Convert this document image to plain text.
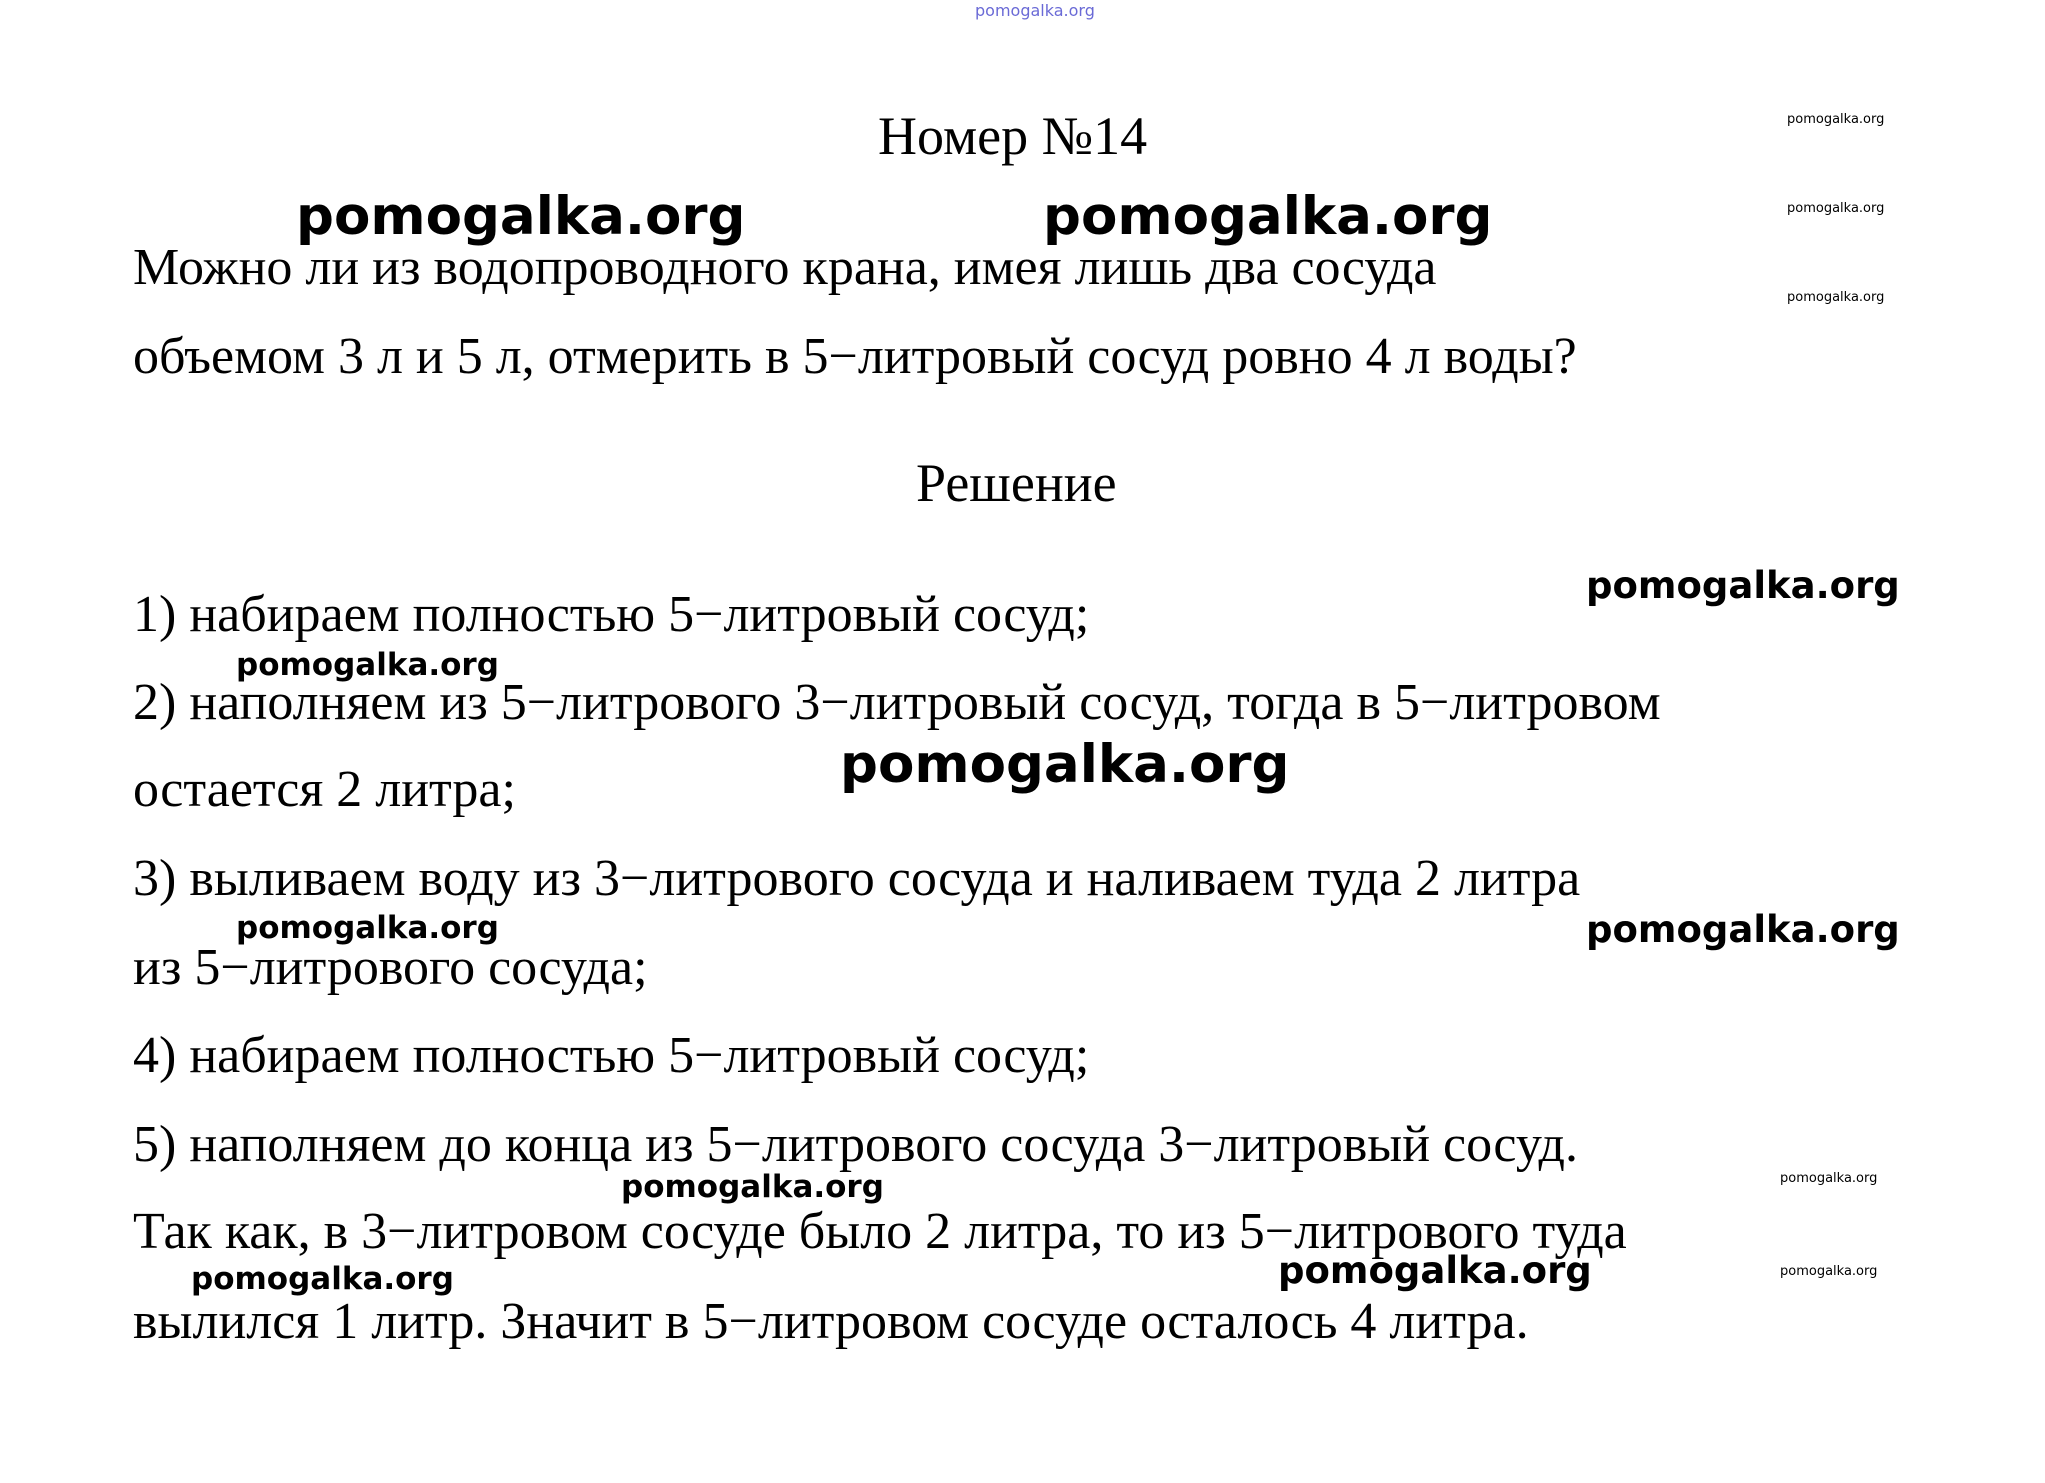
pomogalka.org
Номер №14
Можно ли из водопроводного крана, имея лишь два сосуда
объемом 3 л и 5 л, отмерить в 5−литровый сосуд ровно 4 л воды?
Решение
1) набираем полностью 5−литровый сосуд;
2) наполняем из 5−литрового 3−литровый сосуд, тогда в 5−литровом
остается 2 литра;
3) выливаем воду из 3−литрового сосуда и наливаем туда 2 литра
из 5−литрового сосуда;
4) набираем полностью 5−литровый сосуд;
5) наполняем до конца из 5−литрового сосуда 3−литровый сосуд.
Так как, в 3−литровом сосуде было 2 литра, то из 5−литрового туда
вылился 1 литр. Значит в 5−литровом сосуде осталось 4 литра.
pomogalka.org
pomogalka.org
pomogalka.org
pomogalka.org	pomogalka.org
pomogalka.org
pomogalka.org
pomogalka.org
pomogalka.org	pomogalka.org
pomogalka.org
pomogalka.org
pomogalka.org	pomogalka.org	pomogalka.org
